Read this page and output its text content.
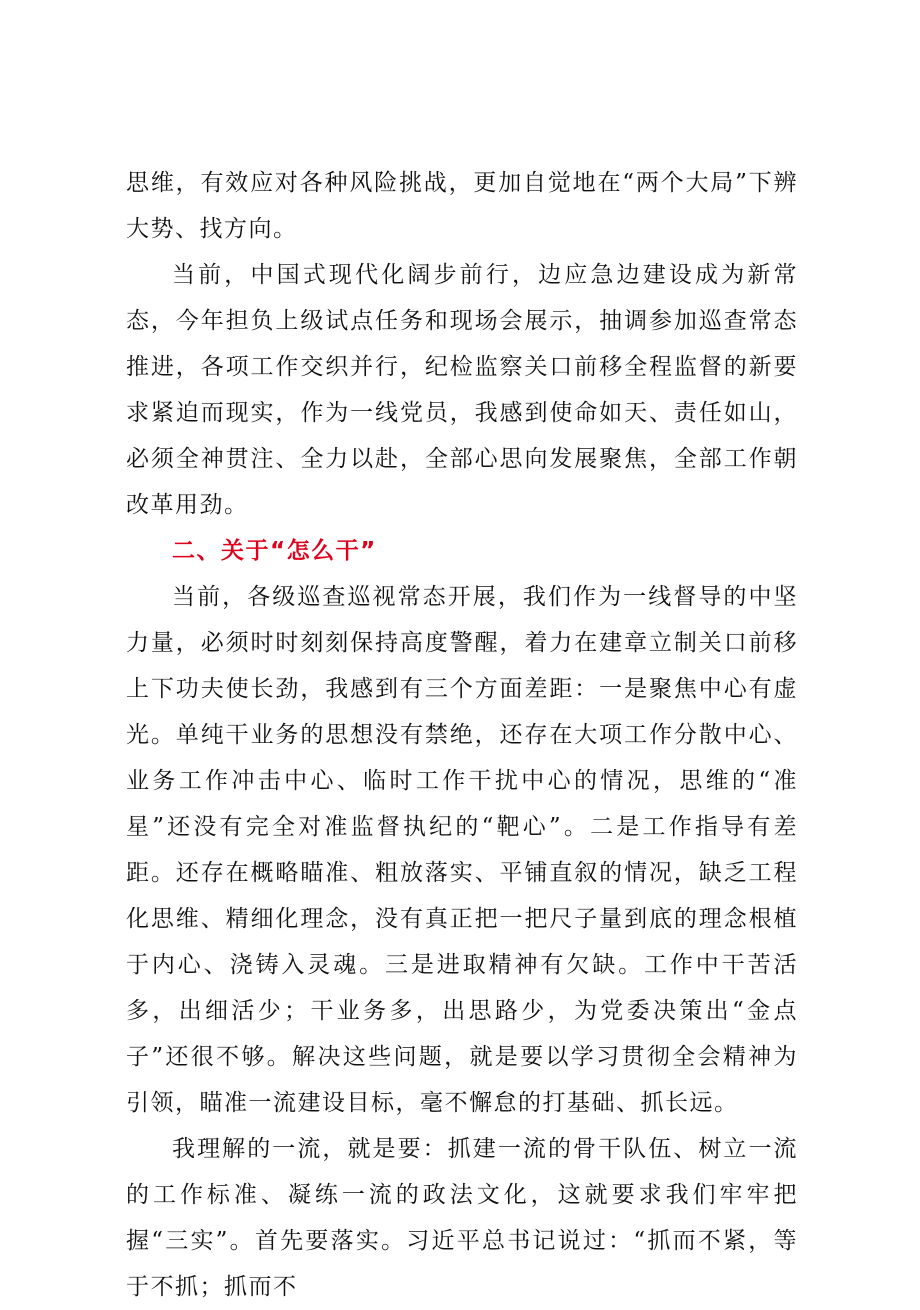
思维，有效应对各种风险挑战，更加自觉地在“两个大局”下辨大势、找方向。

当前，中国式现代化阔步前行，边应急边建设成为新常态，今年担负上级试点任务和现场会展示，抽调参加巡查常态推进，各项工作交织并行，纪检监察关口前移全程监督的新要求紧迫而现实，作为一线党员，我感到使命如天、责任如山，必须全神贯注、全力以赴，全部心思向发展聚焦，全部工作朝改革用劲。

二、关于“怎么干”

当前，各级巡查巡视常态开展，我们作为一线督导的中坚力量，必须时时刻刻保持高度警醒，着力在建章立制关口前移上下功夫使长劲，我感到有三个方面差距：一是聚焦中心有虚光。单纯干业务的思想没有禁绝，还存在大项工作分散中心、业务工作冲击中心、临时工作干扰中心的情况，思维的“准星”还没有完全对准监督执纪的“靶心”。二是工作指导有差距。还存在概略瞄准、粗放落实、平铺直叙的情况，缺乏工程化思维、精细化理念，没有真正把一把尺子量到底的理念根植于内心、浇铸入灵魂。三是进取精神有欠缺。工作中干苦活多，出细活少；干业务多，出思路少，为党委决策出“金点子”还很不够。解决这些问题，就是要以学习贯彻全会精神为引领，瞄准一流建设目标，毫不懈怠的打基础、抓长远。

我理解的一流，就是要：抓建一流的骨干队伍、树立一流的工作标准、凝练一流的政法文化，这就要求我们牢牢把握“三实”。首先要落实。习近平总书记说过：“抓而不紧，等于不抓；抓而不
